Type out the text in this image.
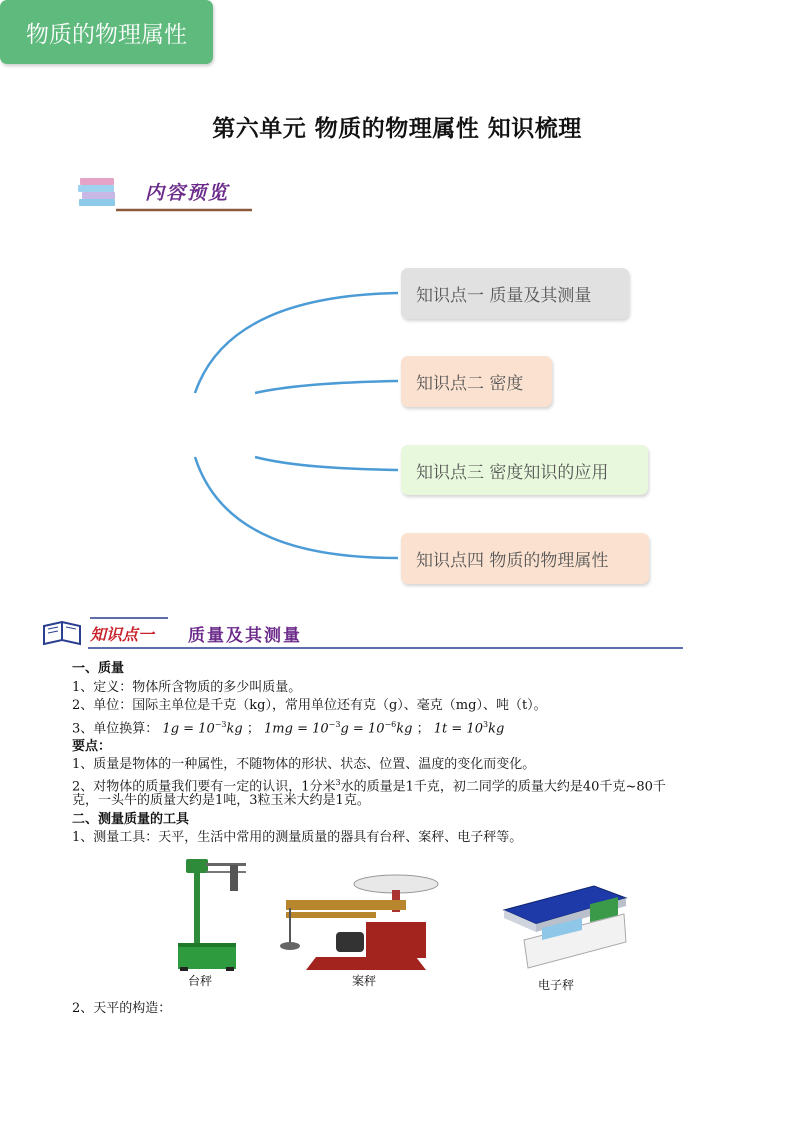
第六单元 物质的物理属性 知识梳理
内容预览
物质的物理属性
知识点一 质量及其测量
知识点二 密度
知识点三 密度知识的应用
知识点四 物质的物理属性
知识点一 质量及其测量
一、质量
1、定义：物体所含物质的多少叫质量。
2、单位：国际主单位是千克（kg），常用单位还有克（g）、毫克（mg）、吨（t）。
3、单位换算： $1g = 10^{-3}kg$ ； $1mg = 10^{-3}g = 10^{-6}kg$ ； $1t = 10^3kg$
要点：
1、质量是物体的一种属性，不随物体的形状、状态、位置、温度的变化而变化。
2、对物体的质量我们要有一定的认识，1分米$^3$水的质量是1千克，初二同学的质量大约是40千克~80千
克，一头牛的质量大约是1吨，3粒玉米大约是1克。
二、测量质量的工具
1、测量工具：天平，生活中常用的测量质量的器具有台秤、案秤、电子秤等。
台秤	案秤	电子秤
2、天平的构造：
